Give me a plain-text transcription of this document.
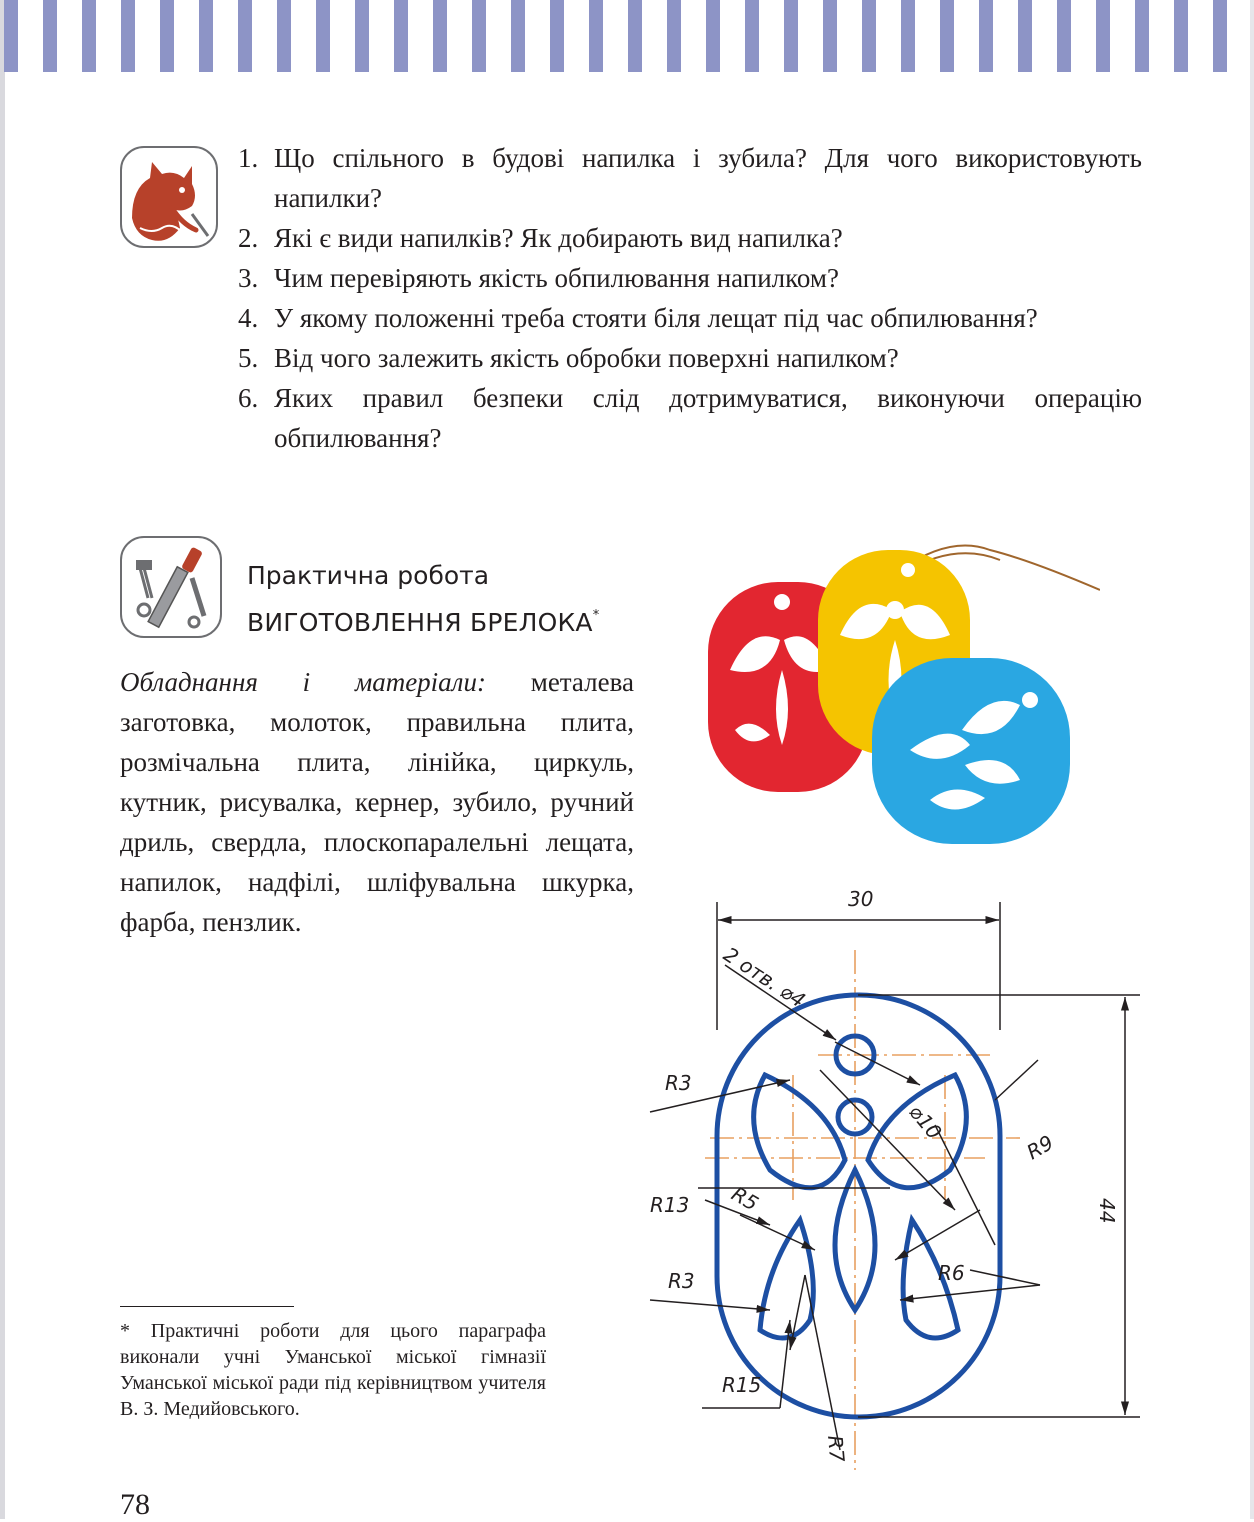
1. Що спільного в будові напилка і зубила? Для чого використовують напилки?
2. Які є види напилків? Як добирають вид напилка?
3. Чим перевіряють якість обпилювання напилком?
4. У якому положенні треба стояти біля лещат під час обпилювання?
5. Від чого залежить якість обробки поверхні напилком?
6. Яких правил безпеки слід дотримуватися, виконуючи операцію обпилювання?
Практична робота
ВИГОТОВЛЕННЯ БРЕЛОКА*

Обладнання і матеріали: металева заготовка, молоток, правильна плита, розмічальна плита, лінійка, циркуль, кутник, рисувалка, кернер, зубило, ручний дриль, свердла, плоскопаралельні лещата, напилок, надфілі, шліфувальна шкурка, фарба, пензлик.

30
44
2 отв. ⌀4
⌀10
R3
R9
R5
R13
R6
R3
R15
R7

* Практичні роботи для цього параграфа виконали учні Уманської міської гімназії Уманської міської ради під керівництвом учителя В. З. Медийовського.

78
